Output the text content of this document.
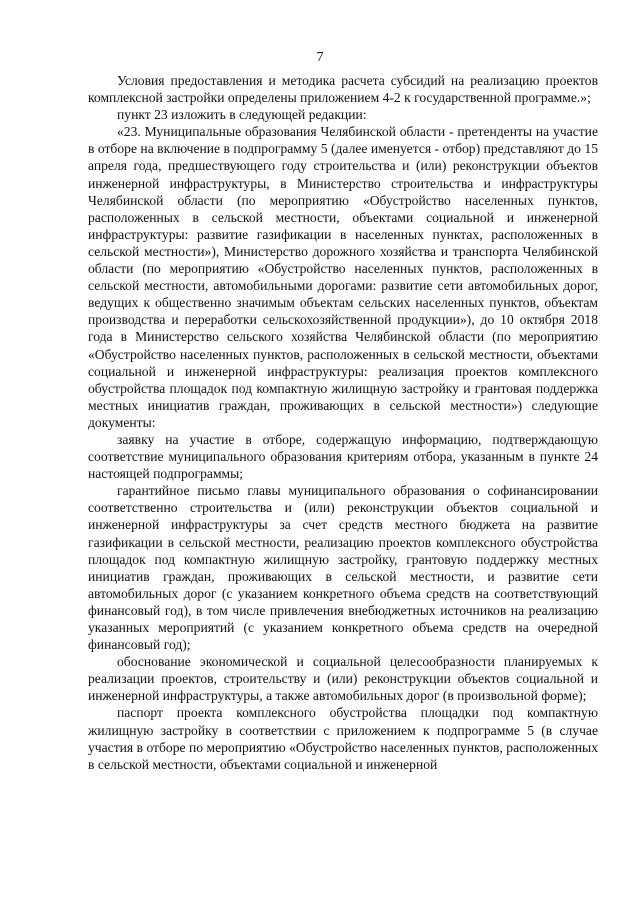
7

Условия предоставления и методика расчета субсидий на реализацию проектов комплексной застройки определены приложением 4-2 к государственной программе.»;

пункт 23 изложить в следующей редакции:

«23. Муниципальные образования Челябинской области - претенденты на участие в отборе на включение в подпрограмму 5 (далее именуется - отбор) представляют до 15 апреля года, предшествующего году строительства и (или) реконструкции объектов инженерной инфраструктуры, в Министерство строительства и инфраструктуры Челябинской области (по мероприятию «Обустройство населенных пунктов, расположенных в сельской местности, объектами социальной и инженерной инфраструктуры: развитие газификации в населенных пунктах, расположенных в сельской местности»), Министерство дорожного хозяйства и транспорта Челябинской области (по мероприятию «Обустройство населенных пунктов, расположенных в сельской местности, автомобильными дорогами: развитие сети автомобильных дорог, ведущих к общественно значимым объектам сельских населенных пунктов, объектам производства и переработки сельскохозяйственной продукции»), до 10 октября 2018 года в Министерство сельского хозяйства Челябинской области (по мероприятию «Обустройство населенных пунктов, расположенных в сельской местности, объектами социальной и инженерной инфраструктуры: реализация проектов комплексного обустройства площадок под компактную жилищную застройку и грантовая поддержка местных инициатив граждан, проживающих в сельской местности») следующие документы:

заявку на участие в отборе, содержащую информацию, подтверждающую соответствие муниципального образования критериям отбора, указанным в пункте 24 настоящей подпрограммы;

гарантийное письмо главы муниципального образования о софинансировании соответственно строительства и (или) реконструкции объектов социальной и инженерной инфраструктуры за счет средств местного бюджета на развитие газификации в сельской местности, реализацию проектов комплексного обустройства площадок под компактную жилищную застройку, грантовую поддержку местных инициатив граждан, проживающих в сельской местности, и развитие сети автомобильных дорог (с указанием конкретного объема средств на соответствующий финансовый год), в том числе привлечения внебюджетных источников на реализацию указанных мероприятий (с указанием конкретного объема средств на очередной финансовый год);

обоснование экономической и социальной целесообразности планируемых к реализации проектов, строительству и (или) реконструкции объектов социальной и инженерной инфраструктуры, а также автомобильных дорог (в произвольной форме);

паспорт проекта комплексного обустройства площадки под компактную жилищную застройку в соответствии с приложением к подпрограмме 5 (в случае участия в отборе по мероприятию «Обустройство населенных пунктов, расположенных в сельской местности, объектами социальной и инженерной
